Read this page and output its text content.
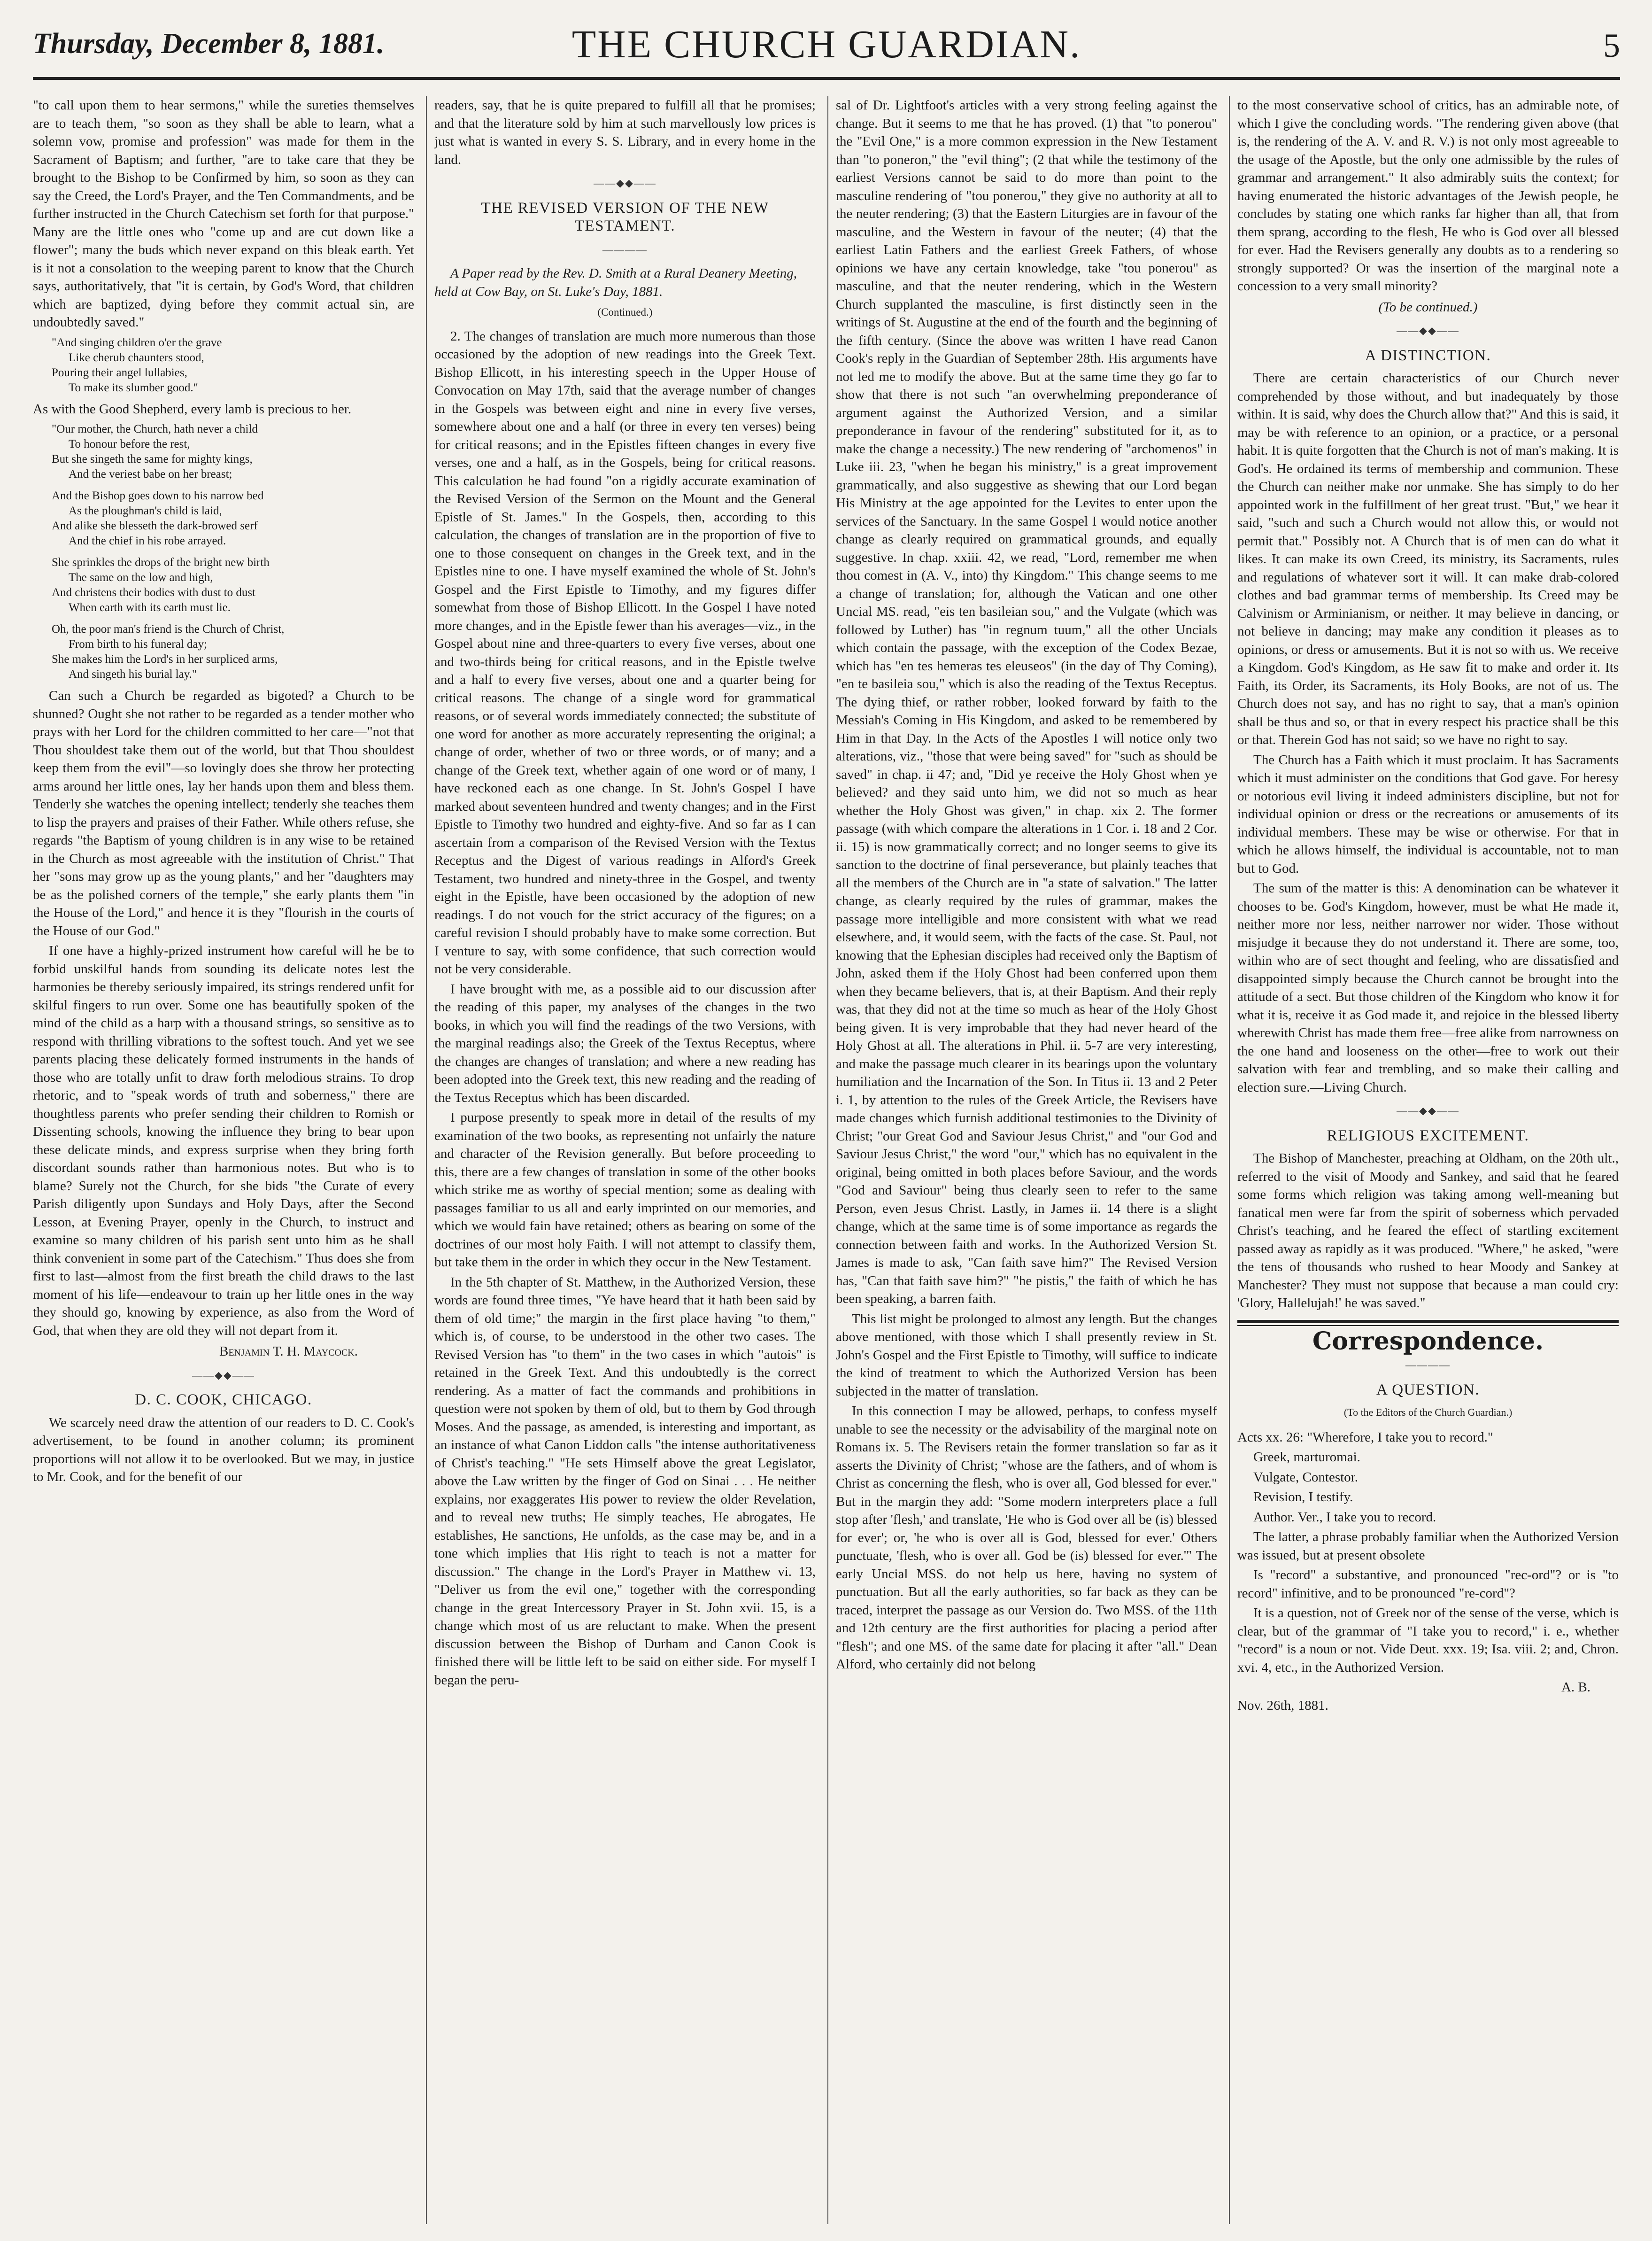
Thursday, December 8, 1881.	THE CHURCH GUARDIAN.	5

"to call upon them to hear sermons," while the sureties themselves are to teach them, "so soon as they shall be able to learn, what a solemn vow, promise and profession" was made for them in the Sacrament of Baptism; and further, "are to take care that they be brought to the Bishop to be Confirmed by him, so soon as they can say the Creed, the Lord's Prayer, and the Ten Commandments, and be further instructed in the Church Catechism set forth for that purpose." Many are the little ones who "come up and are cut down like a flower"; many the buds which never expand on this bleak earth. Yet is it not a consolation to the weeping parent to know that the Church says, authoritatively, that "it is certain, by God's Word, that children which are baptized, dying before they commit actual sin, are undoubtedly saved."

"And singing children o'er the grave
Like cherub chaunters stood,
Pouring their angel lullabies,
To make its slumber good."

As with the Good Shepherd, every lamb is precious to her.

"Our mother, the Church, hath never a child
To honour before the rest,
But she singeth the same for mighty kings,
And the veriest babe on her breast;
And the Bishop goes down to his narrow bed
As the ploughman's child is laid,
And alike she blesseth the dark-browed serf
And the chief in his robe arrayed.
She sprinkles the drops of the bright new birth
The same on the low and high,
And christens their bodies with dust to dust
When earth with its earth must lie.
Oh, the poor man's friend is the Church of Christ,
From birth to his funeral day;
She makes him the Lord's in her surpliced arms,
And singeth his burial lay."

Can such a Church be regarded as bigoted? a Church to be shunned? Ought she not rather to be regarded as a tender mother who prays with her Lord for the children committed to her care—"not that Thou shouldest take them out of the world, but that Thou shouldest keep them from the evil"—so lovingly does she throw her protecting arms around her little ones, lay her hands upon them and bless them. Tenderly she watches the opening intellect; tenderly she teaches them to lisp the prayers and praises of their Father. While others refuse, she regards "the Baptism of young children is in any wise to be retained in the Church as most agreeable with the institution of Christ." That her "sons may grow up as the young plants," and her "daughters may be as the polished corners of the temple," she early plants them "in the House of the Lord," and hence it is they "flourish in the courts of the House of our God."

If one have a highly-prized instrument how careful will he be to forbid unskilful hands from sounding its delicate notes lest the harmonies be thereby seriously impaired, its strings rendered unfit for skilful fingers to run over. Some one has beautifully spoken of the mind of the child as a harp with a thousand strings, so sensitive as to respond with thrilling vibrations to the softest touch. And yet we see parents placing these delicately formed instruments in the hands of those who are totally unfit to draw forth melodious strains. To drop rhetoric, and to "speak words of truth and soberness," there are thoughtless parents who prefer sending their children to Romish or Dissenting schools, knowing the influence they bring to bear upon these delicate minds, and express surprise when they bring forth discordant sounds rather than harmonious notes. But who is to blame? Surely not the Church, for she bids "the Curate of every Parish diligently upon Sundays and Holy Days, after the Second Lesson, at Evening Prayer, openly in the Church, to instruct and examine so many children of his parish sent unto him as he shall think convenient in some part of the Catechism." Thus does she from first to last—almost from the first breath the child draws to the last moment of his life—endeavour to train up her little ones in the way they should go, knowing by experience, as also from the Word of God, that when they are old they will not depart from it.

Benjamin T. H. Maycock.
——◆◆——
D. C. COOK, CHICAGO.

We scarcely need draw the attention of our readers to D. C. Cook's advertisement, to be found in another column; its prominent proportions will not allow it to be overlooked. But we may, in justice to Mr. Cook, and for the benefit of our

readers, say, that he is quite prepared to fulfill all that he promises; and that the literature sold by him at such marvellously low prices is just what is wanted in every S. S. Library, and in every home in the land.

——◆◆——
THE REVISED VERSION OF THE NEW TESTAMENT.
————

A Paper read by the Rev. D. Smith at a Rural Deanery Meeting, held at Cow Bay, on St. Luke's Day, 1881.

(Continued.)

2. The changes of translation are much more numerous than those occasioned by the adoption of new readings into the Greek Text. Bishop Ellicott, in his interesting speech in the Upper House of Convocation on May 17th, said that the average number of changes in the Gospels was between eight and nine in every five verses, somewhere about one and a half (or three in every ten verses) being for critical reasons; and in the Epistles fifteen changes in every five verses, one and a half, as in the Gospels, being for critical reasons. This calculation he had found "on a rigidly accurate examination of the Revised Version of the Sermon on the Mount and the General Epistle of St. James." In the Gospels, then, according to this calculation, the changes of translation are in the proportion of five to one to those consequent on changes in the Greek text, and in the Epistles nine to one. I have myself examined the whole of St. John's Gospel and the First Epistle to Timothy, and my figures differ somewhat from those of Bishop Ellicott. In the Gospel I have noted more changes, and in the Epistle fewer than his averages—viz., in the Gospel about nine and three-quarters to every five verses, about one and two-thirds being for critical reasons, and in the Epistle twelve and a half to every five verses, about one and a quarter being for critical reasons. The change of a single word for grammatical reasons, or of several words immediately connected; the substitute of one word for another as more accurately representing the original; a change of order, whether of two or three words, or of many; and a change of the Greek text, whether again of one word or of many, I have reckoned each as one change. In St. John's Gospel I have marked about seventeen hundred and twenty changes; and in the First Epistle to Timothy two hundred and eighty-five. And so far as I can ascertain from a comparison of the Revised Version with the Textus Receptus and the Digest of various readings in Alford's Greek Testament, two hundred and ninety-three in the Gospel, and twenty eight in the Epistle, have been occasioned by the adoption of new readings. I do not vouch for the strict accuracy of the figures; on a careful revision I should probably have to make some correction. But I venture to say, with some confidence, that such correction would not be very considerable.

I have brought with me, as a possible aid to our discussion after the reading of this paper, my analyses of the changes in the two books, in which you will find the readings of the two Versions, with the marginal readings also; the Greek of the Textus Receptus, where the changes are changes of translation; and where a new reading has been adopted into the Greek text, this new reading and the reading of the Textus Receptus which has been discarded.

I purpose presently to speak more in detail of the results of my examination of the two books, as representing not unfairly the nature and character of the Revision generally. But before proceeding to this, there are a few changes of translation in some of the other books which strike me as worthy of special mention; some as dealing with passages familiar to us all and early imprinted on our memories, and which we would fain have retained; others as bearing on some of the doctrines of our most holy Faith. I will not attempt to classify them, but take them in the order in which they occur in the New Testament.

In the 5th chapter of St. Matthew, in the Authorized Version, these words are found three times, "Ye have heard that it hath been said by them of old time;" the margin in the first place having "to them," which is, of course, to be understood in the other two cases. The Revised Version has "to them" in the two cases in which "autois" is retained in the Greek Text. And this undoubtedly is the correct rendering. As a matter of fact the commands and prohibitions in question were not spoken by them of old, but to them by God through Moses. And the passage, as amended, is interesting and important, as an instance of what Canon Liddon calls "the intense authoritativeness of Christ's teaching." "He sets Himself above the great Legislator, above the Law written by the finger of God on Sinai . . . He neither explains, nor exaggerates His power to review the older Revelation, and to reveal new truths; He simply teaches, He abrogates, He establishes, He sanctions, He unfolds, as the case may be, and in a tone which implies that His right to teach is not a matter for discussion." The change in the Lord's Prayer in Matthew vi. 13, "Deliver us from the evil one," together with the corresponding change in the great Intercessory Prayer in St. John xvii. 15, is a change which most of us are reluctant to make. When the present discussion between the Bishop of Durham and Canon Cook is finished there will be little left to be said on either side. For myself I began the peru-

sal of Dr. Lightfoot's articles with a very strong feeling against the change. But it seems to me that he has proved. (1) that "to ponerou" the "Evil One," is a more common expression in the New Testament than "to poneron," the "evil thing"; (2 that while the testimony of the earliest Versions cannot be said to do more than point to the masculine rendering of "tou ponerou," they give no authority at all to the neuter rendering; (3) that the Eastern Liturgies are in favour of the masculine, and the Western in favour of the neuter; (4) that the earliest Latin Fathers and the earliest Greek Fathers, of whose opinions we have any certain knowledge, take "tou ponerou" as masculine, and that the neuter rendering, which in the Western Church supplanted the masculine, is first distinctly seen in the writings of St. Augustine at the end of the fourth and the beginning of the fifth century. (Since the above was written I have read Canon Cook's reply in the Guardian of September 28th. His arguments have not led me to modify the above. But at the same time they go far to show that there is not such "an overwhelming preponderance of argument against the Authorized Version, and a similar preponderance in favour of the rendering" substituted for it, as to make the change a necessity.) The new rendering of "archomenos" in Luke iii. 23, "when he began his ministry," is a great improvement grammatically, and also suggestive as shewing that our Lord began His Ministry at the age appointed for the Levites to enter upon the services of the Sanctuary. In the same Gospel I would notice another change as clearly required on grammatical grounds, and equally suggestive. In chap. xxiii. 42, we read, "Lord, remember me when thou comest in (A. V., into) thy Kingdom." This change seems to me a change of translation; for, although the Vatican and one other Uncial MS. read, "eis ten basileian sou," and the Vulgate (which was followed by Luther) has "in regnum tuum," all the other Uncials which contain the passage, with the exception of the Codex Bezae, which has "en tes hemeras tes eleuseos" (in the day of Thy Coming), "en te basileia sou," which is also the reading of the Textus Receptus. The dying thief, or rather robber, looked forward by faith to the Messiah's Coming in His Kingdom, and asked to be remembered by Him in that Day. In the Acts of the Apostles I will notice only two alterations, viz., "those that were being saved" for "such as should be saved" in chap. ii 47; and, "Did ye receive the Holy Ghost when ye believed? and they said unto him, we did not so much as hear whether the Holy Ghost was given," in chap. xix 2. The former passage (with which compare the alterations in 1 Cor. i. 18 and 2 Cor. ii. 15) is now grammatically correct; and no longer seems to give its sanction to the doctrine of final perseverance, but plainly teaches that all the members of the Church are in "a state of salvation." The latter change, as clearly required by the rules of grammar, makes the passage more intelligible and more consistent with what we read elsewhere, and, it would seem, with the facts of the case. St. Paul, not knowing that the Ephesian disciples had received only the Baptism of John, asked them if the Holy Ghost had been conferred upon them when they became believers, that is, at their Baptism. And their reply was, that they did not at the time so much as hear of the Holy Ghost being given. It is very improbable that they had never heard of the Holy Ghost at all. The alterations in Phil. ii. 5-7 are very interesting, and make the passage much clearer in its bearings upon the voluntary humiliation and the Incarnation of the Son. In Titus ii. 13 and 2 Peter i. 1, by attention to the rules of the Greek Article, the Revisers have made changes which furnish additional testimonies to the Divinity of Christ; "our Great God and Saviour Jesus Christ," and "our God and Saviour Jesus Christ," the word "our," which has no equivalent in the original, being omitted in both places before Saviour, and the words "God and Saviour" being thus clearly seen to refer to the same Person, even Jesus Christ. Lastly, in James ii. 14 there is a slight change, which at the same time is of some importance as regards the connection between faith and works. In the Authorized Version St. James is made to ask, "Can faith save him?" The Revised Version has, "Can that faith save him?" "he pistis," the faith of which he has been speaking, a barren faith.

This list might be prolonged to almost any length. But the changes above mentioned, with those which I shall presently review in St. John's Gospel and the First Epistle to Timothy, will suffice to indicate the kind of treatment to which the Authorized Version has been subjected in the matter of translation.

In this connection I may be allowed, perhaps, to confess myself unable to see the necessity or the advisability of the marginal note on Romans ix. 5. The Revisers retain the former translation so far as it asserts the Divinity of Christ; "whose are the fathers, and of whom is Christ as concerning the flesh, who is over all, God blessed for ever." But in the margin they add: "Some modern interpreters place a full stop after 'flesh,' and translate, 'He who is God over all be (is) blessed for ever'; or, 'he who is over all is God, blessed for ever.' Others punctuate, 'flesh, who is over all. God be (is) blessed for ever.'" The early Uncial MSS. do not help us here, having no system of punctuation. But all the early authorities, so far back as they can be traced, interpret the passage as our Version do. Two MSS. of the 11th and 12th century are the first authorities for placing a period after "flesh"; and one MS. of the same date for placing it after "all." Dean Alford, who certainly did not belong

to the most conservative school of critics, has an admirable note, of which I give the concluding words. "The rendering given above (that is, the rendering of the A. V. and R. V.) is not only most agreeable to the usage of the Apostle, but the only one admissible by the rules of grammar and arrangement." It also admirably suits the context; for having enumerated the historic advantages of the Jewish people, he concludes by stating one which ranks far higher than all, that from them sprang, according to the flesh, He who is God over all blessed for ever. Had the Revisers generally any doubts as to a rendering so strongly supported? Or was the insertion of the marginal note a concession to a very small minority?

(To be continued.)
——◆◆——
A DISTINCTION.

There are certain characteristics of our Church never comprehended by those without, and but inadequately by those within. It is said, why does the Church allow that?" And this is said, it may be with reference to an opinion, or a practice, or a personal habit. It is quite forgotten that the Church is not of man's making. It is God's. He ordained its terms of membership and communion. These the Church can neither make nor unmake. She has simply to do her appointed work in the fulfillment of her great trust. "But," we hear it said, "such and such a Church would not allow this, or would not permit that." Possibly not. A Church that is of men can do what it likes. It can make its own Creed, its ministry, its Sacraments, rules and regulations of whatever sort it will. It can make drab-colored clothes and bad grammar terms of membership. Its Creed may be Calvinism or Arminianism, or neither. It may believe in dancing, or not believe in dancing; may make any condition it pleases as to opinions, or dress or amusements. But it is not so with us. We receive a Kingdom. God's Kingdom, as He saw fit to make and order it. Its Faith, its Order, its Sacraments, its Holy Books, are not of us. The Church does not say, and has no right to say, that a man's opinion shall be thus and so, or that in every respect his practice shall be this or that. Therein God has not said; so we have no right to say.

The Church has a Faith which it must proclaim. It has Sacraments which it must administer on the conditions that God gave. For heresy or notorious evil living it indeed administers discipline, but not for individual opinion or dress or the recreations or amusements of its individual members. These may be wise or otherwise. For that in which he allows himself, the individual is accountable, not to man but to God.

The sum of the matter is this: A denomination can be whatever it chooses to be. God's Kingdom, however, must be what He made it, neither more nor less, neither narrower nor wider. Those without misjudge it because they do not understand it. There are some, too, within who are of sect thought and feeling, who are dissatisfied and disappointed simply because the Church cannot be brought into the attitude of a sect. But those children of the Kingdom who know it for what it is, receive it as God made it, and rejoice in the blessed liberty wherewith Christ has made them free—free alike from narrowness on the one hand and looseness on the other—free to work out their salvation with fear and trembling, and so make their calling and election sure.—Living Church.

——◆◆——
RELIGIOUS EXCITEMENT.

The Bishop of Manchester, preaching at Oldham, on the 20th ult., referred to the visit of Moody and Sankey, and said that he feared some forms which religion was taking among well-meaning but fanatical men were far from the spirit of soberness which pervaded Christ's teaching, and he feared the effect of startling excitement passed away as rapidly as it was produced. "Where," he asked, "were the tens of thousands who rushed to hear Moody and Sankey at Manchester? They must not suppose that because a man could cry: 'Glory, Hallelujah!' he was saved."

Correspondence.
————
A QUESTION.
(To the Editors of the Church Guardian.)

Acts xx. 26: "Wherefore, I take you to record."

Greek, marturomai.

Vulgate, Contestor.

Revision, I testify.

Author. Ver., I take you to record.

The latter, a phrase probably familiar when the Authorized Version was issued, but at present obsolete

Is "record" a substantive, and pronounced "rec-ord"? or is "to record" infinitive, and to be pronounced "re-cord"?

It is a question, not of Greek nor of the sense of the verse, which is clear, but of the grammar of "I take you to record," i. e., whether "record" is a noun or not. Vide Deut. xxx. 19; Isa. viii. 2; and, Chron. xvi. 4, etc., in the Authorized Version.

A. B.

Nov. 26th, 1881.
